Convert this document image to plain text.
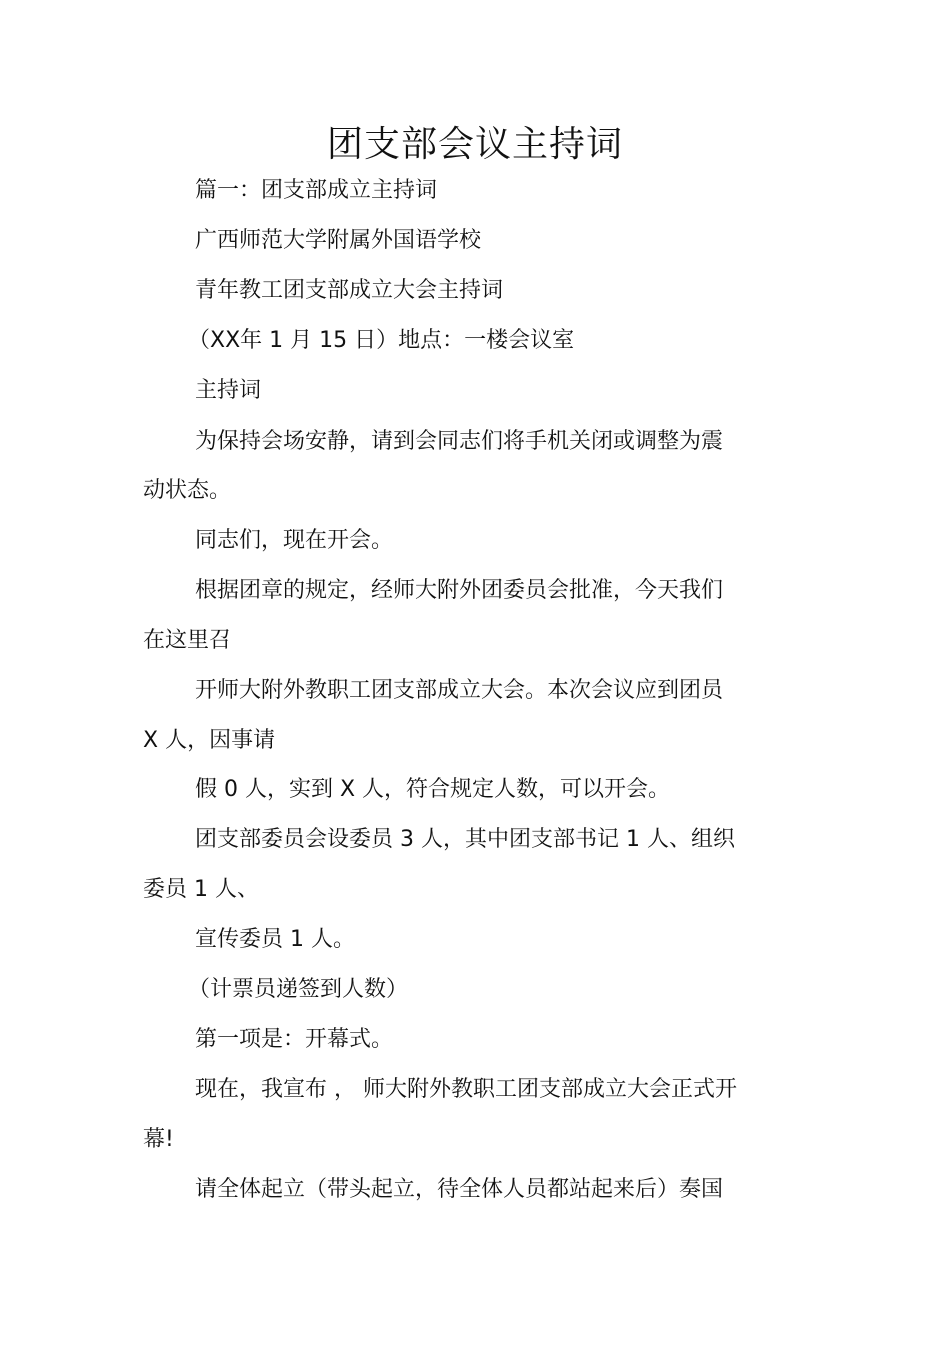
团支部会议主持词
篇一：团支部成立主持词
广西师范大学附属外国语学校
青年教工团支部成立大会主持词
（XX年 1 月 15 日）地点：一楼会议室
主持词
为保持会场安静，请到会同志们将手机关闭或调整为震
动状态。
同志们，现在开会。
根据团章的规定，经师大附外团委员会批准，今天我们
在这里召
开师大附外教职工团支部成立大会。本次会议应到团员
X 人，因事请
假 0 人，实到 X 人，符合规定人数，可以开会。
团支部委员会设委员 3 人，其中团支部书记 1 人、组织
委员 1 人、
宣传委员 1 人。
（计票员递签到人数）
第一项是：开幕式。
现在，我宣布 ， 师大附外教职工团支部成立大会正式开
幕!
请全体起立（带头起立，待全体人员都站起来后）奏国
